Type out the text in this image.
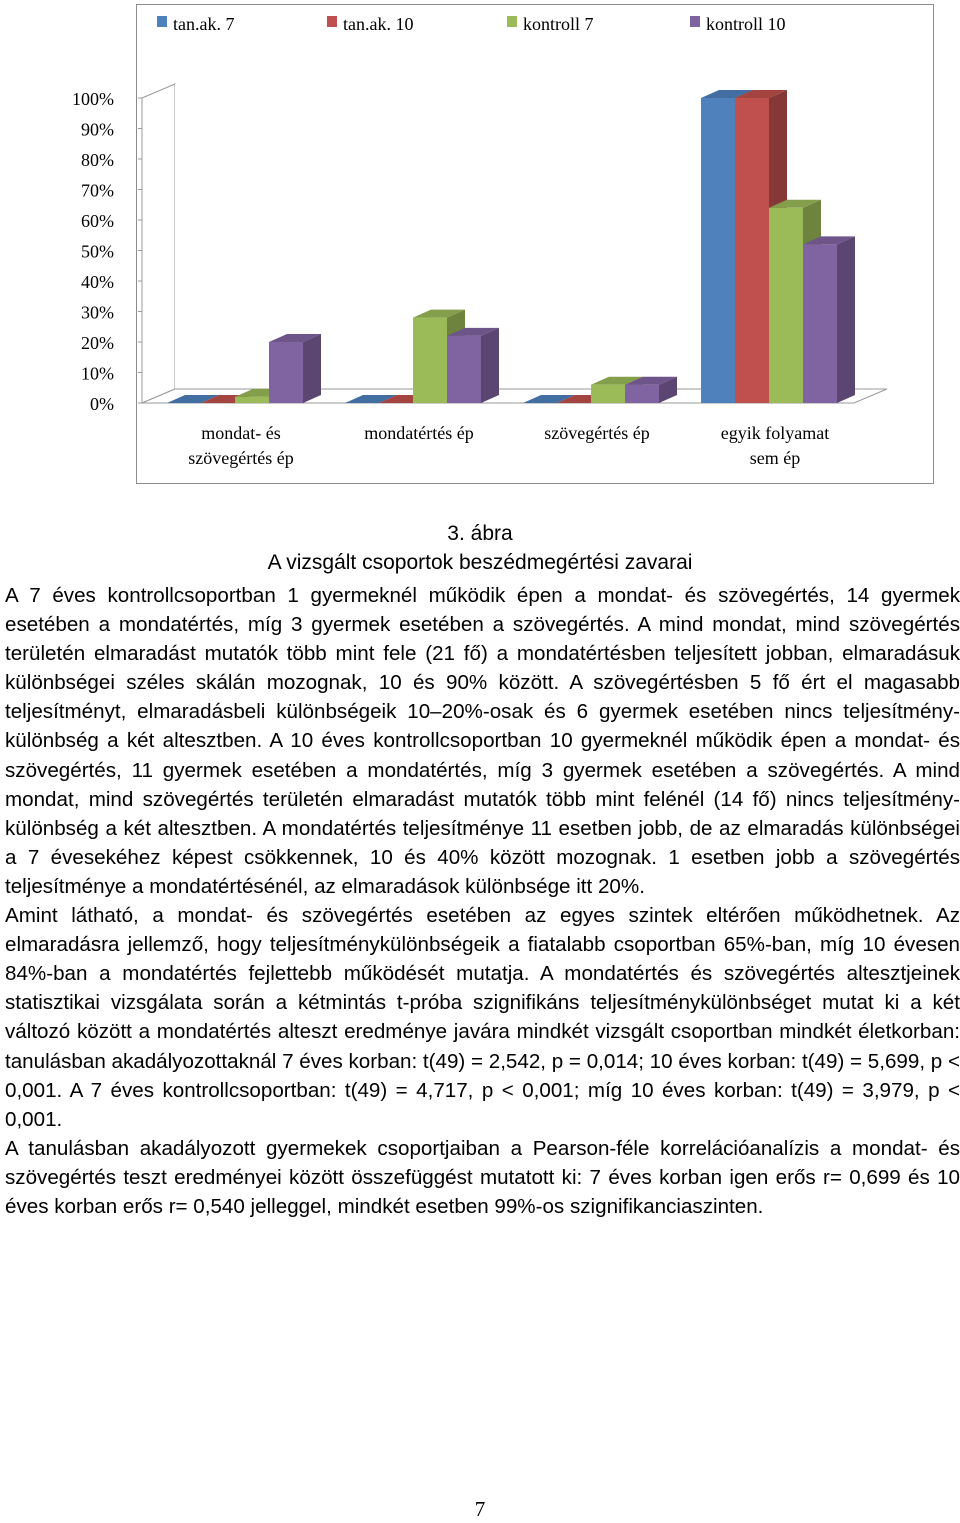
0%
10%
20%
30%
40%
50%
60%
70%
80%
90%
100%
mondat- és
szövegértés ép
mondatértés ép	szövegértés ép	egyik folyamat
sem ép
tan.ak. 7	tan.ak. 10	kontroll 7	kontroll 10
3. ábra
A vizsgált csoportok beszédmegértési zavarai

A 7 éves kontrollcsoportban 1 gyermeknél működik épen a mondat- és szövegértés, 14 gyermek esetében a mondatértés, míg 3 gyermek esetében a szövegértés. A mind mondat, mind szövegértés területén elmaradást mutatók több mint fele (21 fő) a mondatértésben teljesített jobban, elmaradásuk különbségei széles skálán mozognak, 10 és 90% között. A szövegértésben 5 fő ért el magasabb teljesítményt, elmaradásbeli különbségeik 10–20%-osak és 6 gyermek esetében nincs teljesítmény-különbség a két altesztben. A 10 éves kontrollcsoportban 10 gyermeknél működik épen a mondat- és szövegértés, 11 gyermek esetében a mondatértés, míg 3 gyermek esetében a szövegértés. A mind mondat, mind szövegértés területén elmaradást mutatók több mint felénél (14 fő) nincs teljesítmény-különbség a két altesztben. A mondatértés teljesítménye 11 esetben jobb, de az elmaradás különbségei a 7 évesekéhez képest csökkennek, 10 és 40% között mozognak. 1 esetben jobb a szövegértés teljesítménye a mondatértésénél, az elmaradások különbsége itt 20%.

Amint látható, a mondat- és szövegértés esetében az egyes szintek eltérően működhetnek. Az elmaradásra jellemző, hogy teljesítménykülönbségeik a fiatalabb csoportban 65%-ban, míg 10 évesen 84%-ban a mondatértés fejlettebb működését mutatja. A mondatértés és szövegértés altesztjeinek statisztikai vizsgálata során a kétmintás t-próba szignifikáns teljesítménykülönbséget mutat ki a két változó között a mondatértés alteszt eredménye javára mindkét vizsgált csoportban mindkét életkorban: tanulásban akadályozottaknál 7 éves korban: t(49) = 2,542, p = 0,014; 10 éves korban: t(49) = 5,699, p < 0,001. A 7 éves kontrollcsoportban: t(49) = 4,717, p < 0,001; míg 10 éves korban: t(49) = 3,979, p < 0,001.

A tanulásban akadályozott gyermekek csoportjaiban a Pearson-féle korrelációanalízis a mondat- és szövegértés teszt eredményei között összefüggést mutatott ki: 7 éves korban igen erős r= 0,699 és 10 éves korban erős r= 0,540 jelleggel, mindkét esetben 99%-os szignifikanciaszinten.

7
